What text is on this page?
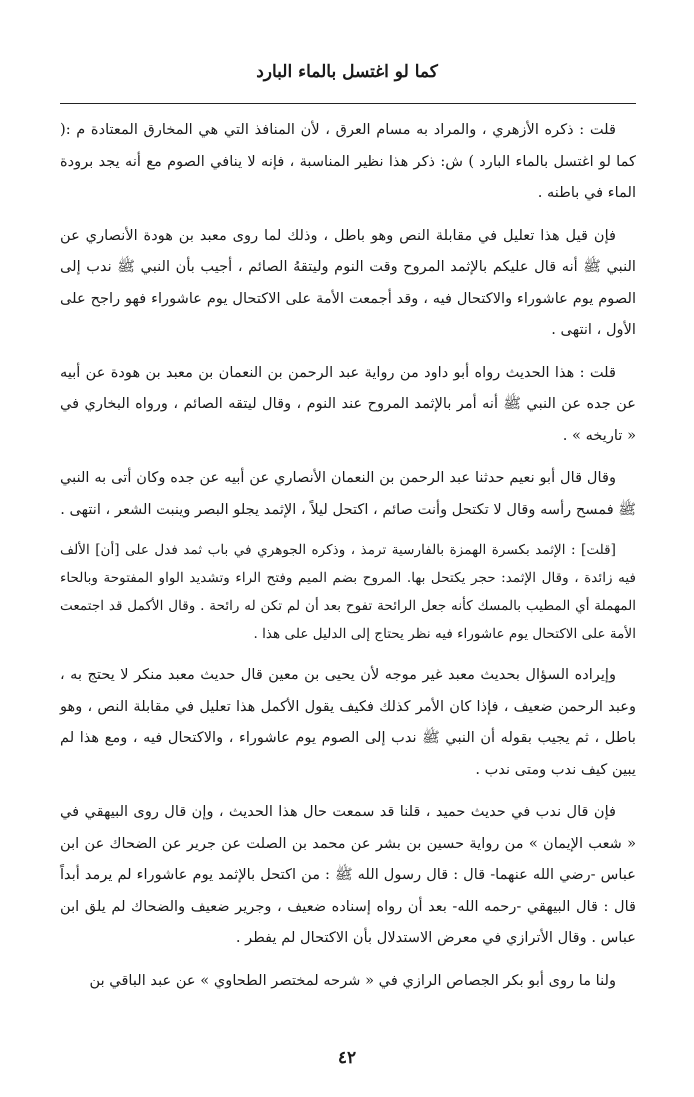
كما لو اغتسل بالماء البارد

قلت : ذكره الأزهري ، والمراد به مسام العرق ، لأن المنافذ التي هي المخارق المعتادة م :( كما لو اغتسل بالماء البارد ) ش: ذكر هذا نظير المناسبة ، فإنه لا ينافي الصوم مع أنه يجد برودة الماء في باطنه .

فإن قيل هذا تعليل في مقابلة النص وهو باطل ، وذلك لما روى معبد بن هودة الأنصاري عن النبي ﷺ أنه قال عليكم بالإثمد المروح وقت النوم وليتقهُ الصائم ، أجيب بأن النبي ﷺ ندب إلى الصوم يوم عاشوراء والاكتحال فيه ، وقد أجمعت الأمة على الاكتحال يوم عاشوراء فهو راجح على الأول ، انتهى .

قلت : هذا الحديث رواه أبو داود من رواية عبد الرحمن بن النعمان بن معبد بن هودة عن أبيه عن جده عن النبي ﷺ أنه أمر بالإثمد المروح عند النوم ، وقال ليتقه الصائم ، ورواه البخاري في « تاريخه » .

وقال قال أبو نعيم حدثنا عبد الرحمن بن النعمان الأنصاري عن أبيه عن جده وكان أتى به النبي ﷺ فمسح رأسه وقال لا تكتحل وأنت صائم ، اكتحل ليلاً ، الإثمد يجلو البصر وينبت الشعر ، انتهى .

[قلت] : الإثمد بكسرة الهمزة بالفارسية ترمذ ، وذكره الجوهري في باب ثمد فدل على [أن] الألف فيه زائدة ، وقال الإثمد: حجر يكتحل بها. المروح بضم الميم وفتح الراء وتشديد الواو المفتوحة وبالحاء المهملة أي المطيب بالمسك كأنه جعل الرائحة تفوح بعد أن لم تكن له رائحة . وقال الأكمل قد اجتمعت الأمة على الاكتحال يوم عاشوراء فيه نظر يحتاج إلى الدليل على هذا .

وإيراده السؤال بحديث معبد غير موجه لأن يحيى بن معين قال حديث معبد منكر لا يحتج به ، وعبد الرحمن ضعيف ، فإذا كان الأمر كذلك فكيف يقول الأكمل هذا تعليل في مقابلة النص ، وهو باطل ، ثم يجيب بقوله أن النبي ﷺ ندب إلى الصوم يوم عاشوراء ، والاكتحال فيه ، ومع هذا لم يبين كيف ندب ومتى ندب .

فإن قال ندب في حديث حميد ، قلنا قد سمعت حال هذا الحديث ، وإن قال روى البيهقي في « شعب الإيمان » من رواية حسين بن بشر عن محمد بن الصلت عن جرير عن الضحاك عن ابن عباس -رضي الله عنهما- قال : قال رسول الله ﷺ : من اكتحل بالإثمد يوم عاشوراء لم يرمد أبداً قال : قال البيهقي -رحمه الله- بعد أن رواه إسناده ضعيف ، وجرير ضعيف والضحاك لم يلق ابن عباس . وقال الأترازي في معرض الاستدلال بأن الاكتحال لم يفطر .

ولنا ما روى أبو بكر الجصاص الرازي في « شرحه لمختصر الطحاوي » عن عبد الباقي بن

٤٢
